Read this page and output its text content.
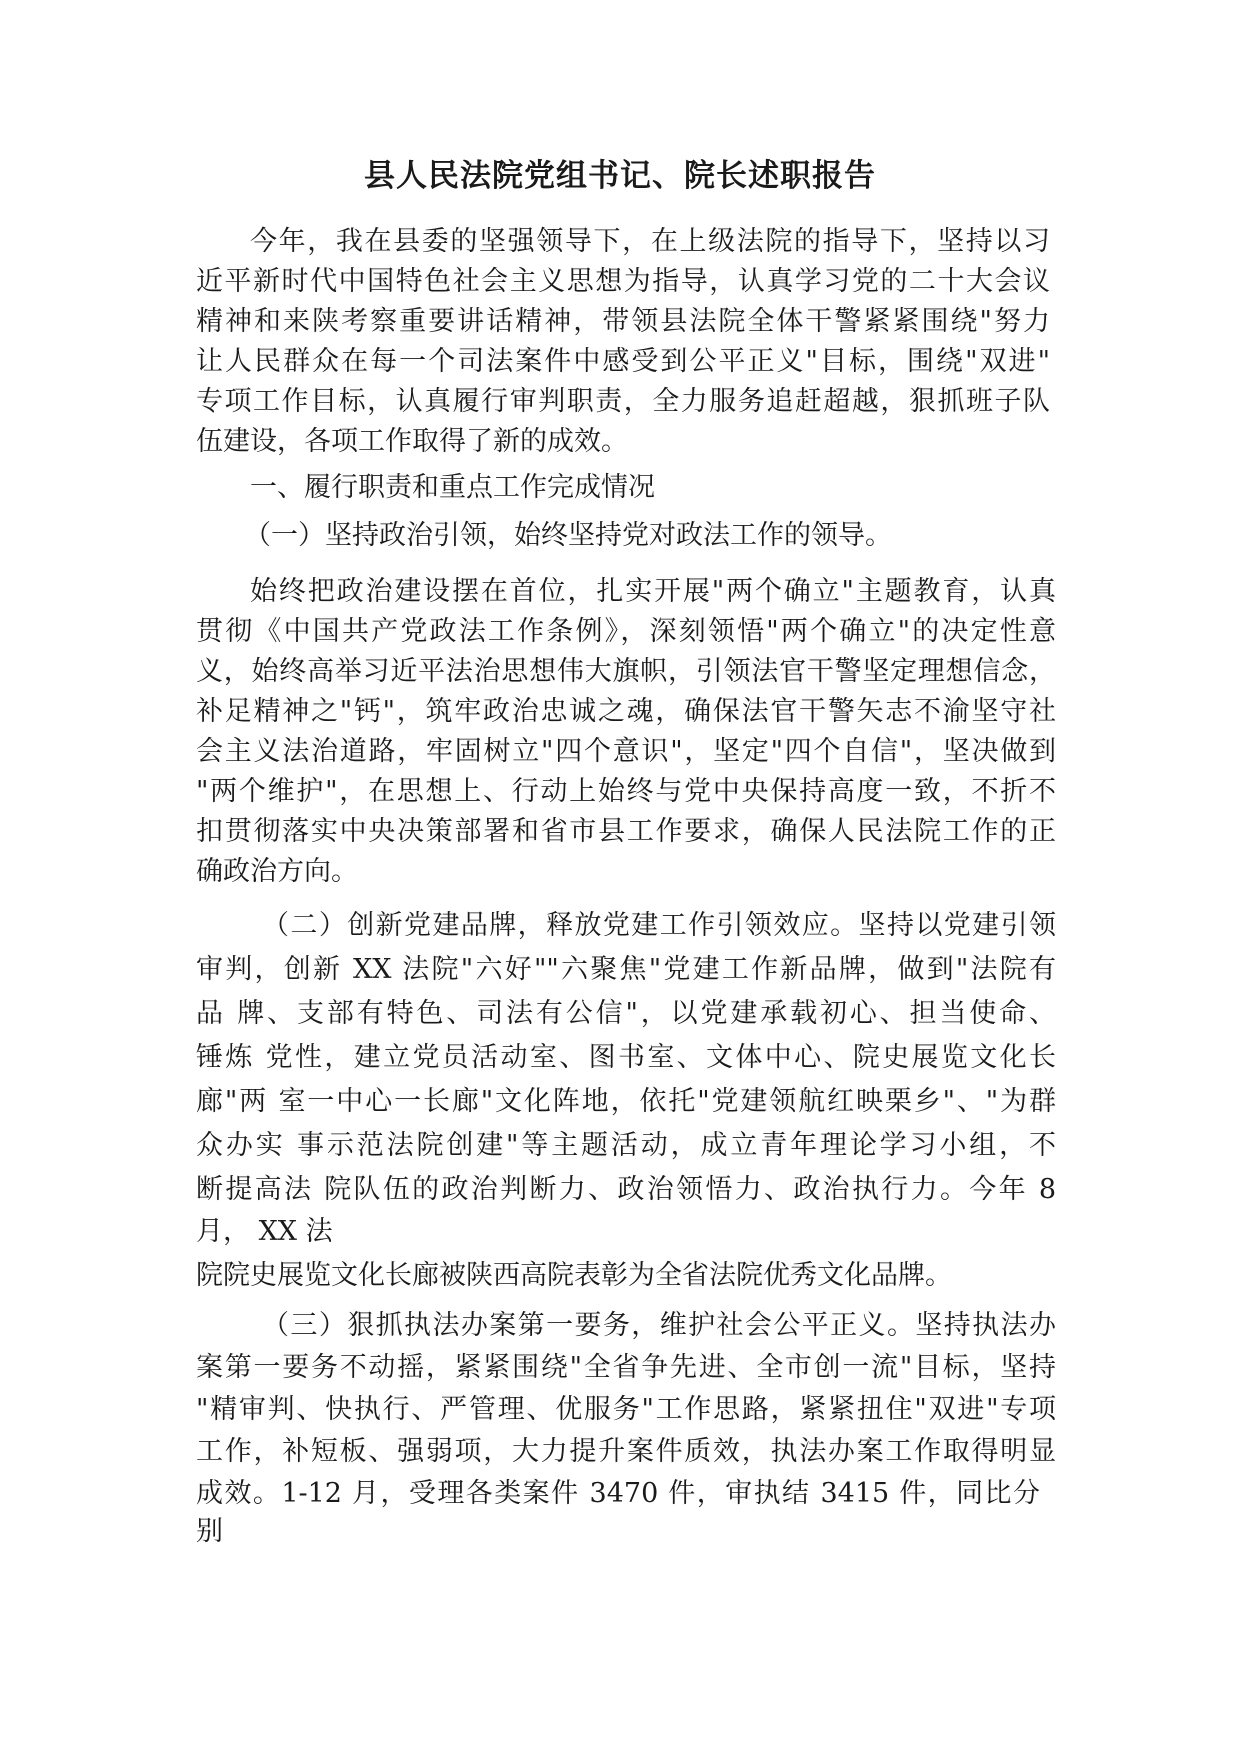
县人民法院党组书记、院长述职报告
今年，我在县委的坚强领导下，在上级法院的指导下，坚持以习
近平新时代中国特色社会主义思想为指导，认真学习党的二十大会议
精神和来陕考察重要讲话精神，带领县法院全体干警紧紧围绕"努力
让人民群众在每一个司法案件中感受到公平正义"目标，围绕"双进"
专项工作目标，认真履行审判职责，全力服务追赶超越，狠抓班子队
伍建设，各项工作取得了新的成效。
一、履行职责和重点工作完成情况
（一）坚持政治引领，始终坚持党对政法工作的领导。
始终把政治建设摆在首位，扎实开展"两个确立"主题教育，认真
贯彻《中国共产党政法工作条例》，深刻领悟"两个确立"的决定性意
义，始终高举习近平法治思想伟大旗帜，引领法官干警坚定理想信念，
补足精神之"钙"，筑牢政治忠诚之魂，确保法官干警矢志不渝坚守社
会主义法治道路，牢固树立"四个意识"，坚定"四个自信"，坚决做到
"两个维护"，在思想上、行动上始终与党中央保持高度一致，不折不
扣贯彻落实中央决策部署和省市县工作要求，确保人民法院工作的正
确政治方向。
（二）创新党建品牌，释放党建工作引领效应。坚持以党建引领
审判，创新 XX 法院"六好""六聚焦"党建工作新品牌，做到"法院有
品 牌、支部有特色、司法有公信"，以党建承载初心、担当使命、
锤炼 党性，建立党员活动室、图书室、文体中心、院史展览文化长
廊"两 室一中心一长廊"文化阵地，依托"党建领航红映栗乡"、"为群
众办实 事示范法院创建"等主题活动，成立青年理论学习小组，不
断提高法 院队伍的政治判断力、政治领悟力、政治执行力。今年 8
月， XX 法
院院史展览文化长廊被陕西高院表彰为全省法院优秀文化品牌。
（三）狠抓执法办案第一要务，维护社会公平正义。坚持执法办
案第一要务不动摇，紧紧围绕"全省争先进、全市创一流"目标，坚持
"精审判、快执行、严管理、优服务"工作思路，紧紧扭住"双进"专项
工作，补短板、强弱项，大力提升案件质效，执法办案工作取得明显
成效。1-12 月，受理各类案件 3470 件，审执结 3415 件，同比分
别
